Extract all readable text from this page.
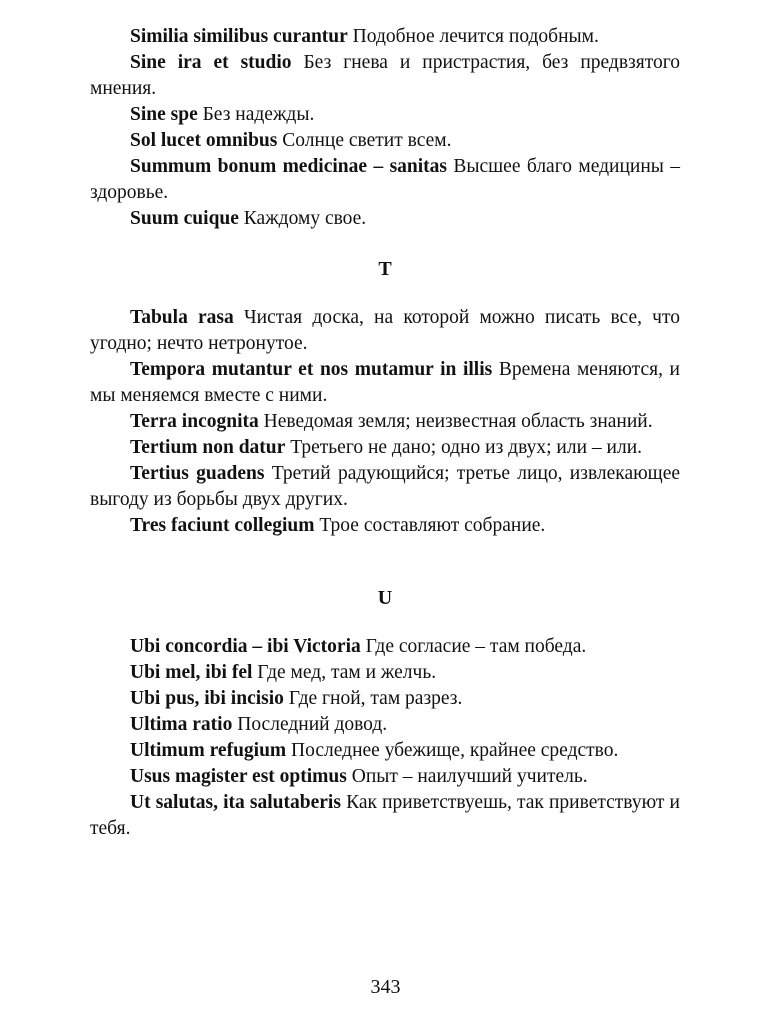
Similia similibus curantur Подобное лечится подобным.

Sine ira et studio Без гнева и пристрастия, без предвзятого мнения.

Sine spe Без надежды.

Sol lucet omnibus Солнце светит всем.

Summum bonum medicinae – sanitas Высшее благо медицины – здоровье.

Suum cuique Каждому свое.

T

Tabula rasa Чистая доска, на которой можно писать все, что угодно; нечто нетронутое.

Tempora mutantur et nos mutamur in illis Времена меняются, и мы меняемся вместе с ними.

Terra incognita Неведомая земля; неизвестная область знаний.

Tertium non datur Третьего не дано; одно из двух; или – или.

Tertius guadens Третий радующийся; третье лицо, извлекающее выгоду из борьбы двух других.

Tres faciunt collegium Трое составляют собрание.

U

Ubi concordia – ibi Victoria Где согласие – там победа.

Ubi mel, ibi fel Где мед, там и желчь.

Ubi pus, ibi incisio Где гной, там разрез.

Ultima ratio Последний довод.

Ultimum refugium Последнее убежище, крайнее средство.

Usus magister est optimus Опыт – наилучший учитель.

Ut salutas, ita salutaberis Как приветствуешь, так приветствуют и тебя.

343
